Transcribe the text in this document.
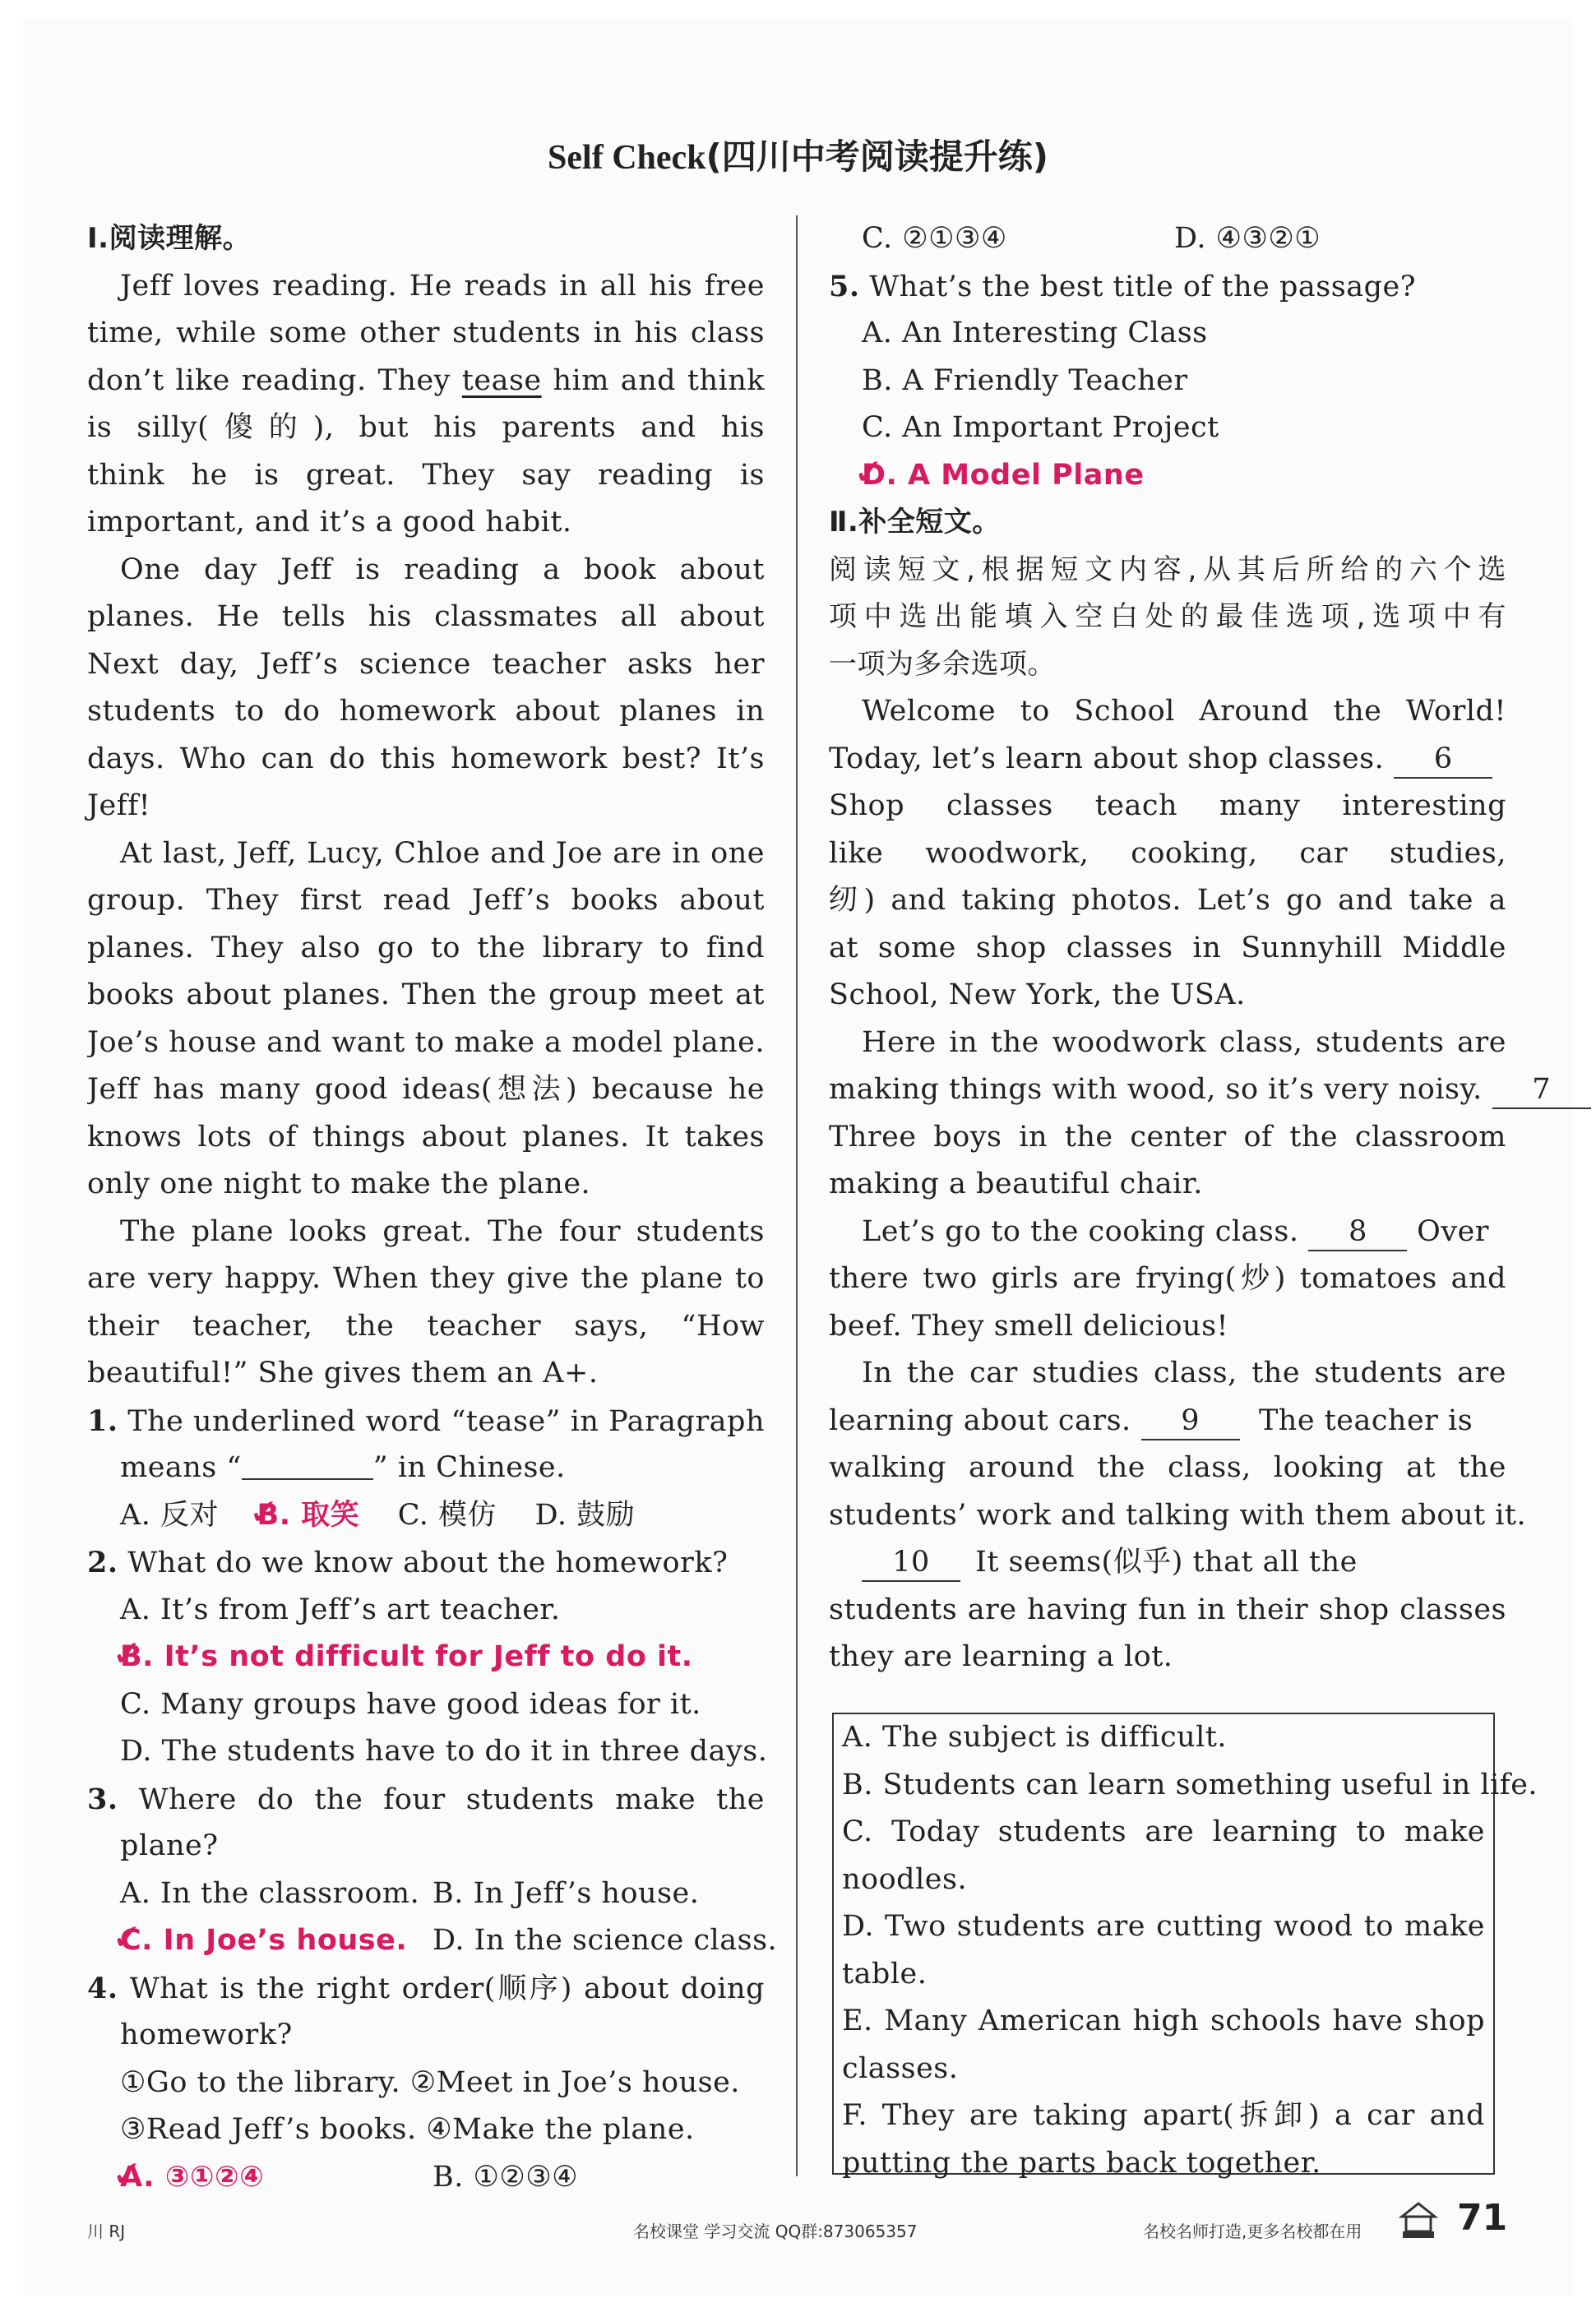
Self Check(四川中考阅读提升练)
Ⅰ.阅读理解。
Jeff loves reading. He reads in all his free
time, while some other students in his class
don’t like reading. They tease him and think
is silly(傻的), but his parents and his
think he is great. They say reading is
important, and it’s a good habit.
One day Jeff is reading a book about
planes. He tells his classmates all about
Next day, Jeff’s science teacher asks her
students to do homework about planes in
days. Who can do this homework best? It’s
Jeff!
At last, Jeff, Lucy, Chloe and Joe are in one
group. They first read Jeff’s books about
planes. They also go to the library to find
books about planes. Then the group meet at
Joe’s house and want to make a model plane.
Jeff has many good ideas(想法) because he
knows lots of things about planes. It takes
only one night to make the plane.
The plane looks great. The four students
are very happy. When they give the plane to
their teacher, the teacher says, “How
beautiful!” She gives them an A+.
1. The underlined word “tease” in Paragraph
means “	” in Chinese.
A. 反对    ✓ B. 取笑 C. 模仿 D. 鼓励
2. What do we know about the homework?
A. It’s from Jeff’s art teacher.
✓ B. It’s not difficult for Jeff to do it.
C. Many groups have good ideas for it.
D. The students have to do it in three days.
3. Where do the four students make the
plane?
A. In the classroom. B. In Jeff’s house.
✓ C. In Joe’s house. D. In the science class.
4. What is the right order(顺序) about doing
homework?
①Go to the library. ②Meet in Joe’s house.
③Read Jeff’s books. ④Make the plane.
✓ A. ③①②④	B. ①②③④
C. ②①③④	D. ④③②①
5. What’s the best title of the passage?
A. An Interesting Class
B. A Friendly Teacher
C. An Important Project
✓ D. A Model Plane
Ⅱ.补全短文。
阅读短文,根据短文内容,从其后所给的六个选
项中选出能填入空白处的最佳选项,选项中有
一项为多余选项。
Welcome to School Around the World!
Today, let’s learn about shop classes. 6
Shop classes teach many interesting
like woodwork, cooking, car studies,
纫) and taking photos. Let’s go and take a
at some shop classes in Sunnyhill Middle
School, New York, the USA.
Here in the woodwork class, students are
making things with wood, so it’s very noisy. 7
Three boys in the center of the classroom
making a beautiful chair.
Let’s go to the cooking class. 8 Over
there two girls are frying(炒) tomatoes and
beef. They smell delicious!
In the car studies class, the students are
learning about cars. 9 The teacher is
walking around the class, looking at the
students’ work and talking with them about it.
10 It seems(似乎) that all the
students are having fun in their shop classes
they are learning a lot.
A. The subject is difficult.
B. Students can learn something useful in life.
C. Today students are learning to make
noodles.
D. Two students are cutting wood to make
table.
E. Many American high schools have shop
classes.
F. They are taking apart(拆卸) a car and
putting the parts back together.
川 RJ	名校课堂 学习交流 QQ群:873065357	名校名师打造,更多名校都在用	71
